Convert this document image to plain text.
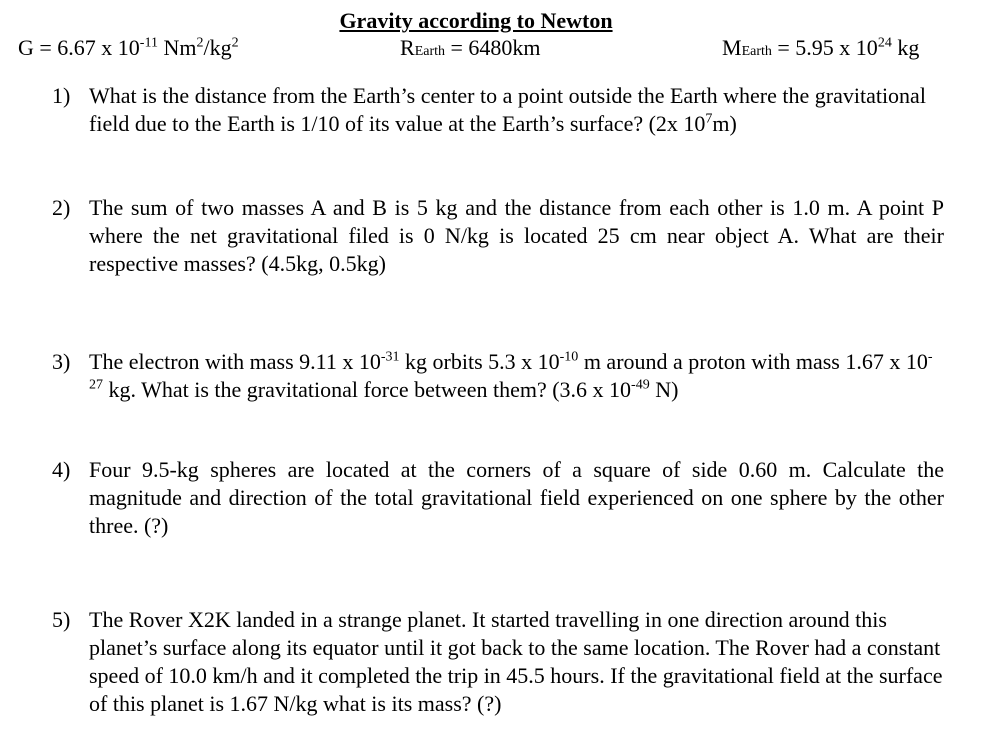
Gravity according to Newton
G = 6.67 x $10^{-11}$ $Nm^2/kg^2$	REarth = 6480km	MEarth = 5.95 x $10^{24}$ kg
1) What is the distance from the Earth’s center to a point outside the Earth where the gravitational field due to the Earth is 1/10 of its value at the Earth’s surface? (2x $10^7m$)
2) The sum of two masses A and B is 5 kg and the distance from each other is 1.0 m. A point P where the net gravitational filed is 0 N/kg is located 25 cm near object A. What are their respective masses? (4.5kg, 0.5kg)
3) The electron with mass 9.11 x $10^{-31}$ kg orbits 5.3 x $10^{-10}$ m around a proton with mass 1.67 x $10^{-27}$ kg. What is the gravitational force between them? (3.6 x $10^{-49}$ N)
4) Four 9.5-kg spheres are located at the corners of a square of side 0.60 m. Calculate the magnitude and direction of the total gravitational field experienced on one sphere by the other three. (?)
5) The Rover X2K landed in a strange planet. It started travelling in one direction around this planet’s surface along its equator until it got back to the same location. The Rover had a constant speed of 10.0 km/h and it completed the trip in 45.5 hours. If the gravitational field at the surface of this planet is 1.67 N/kg what is its mass? (?)
